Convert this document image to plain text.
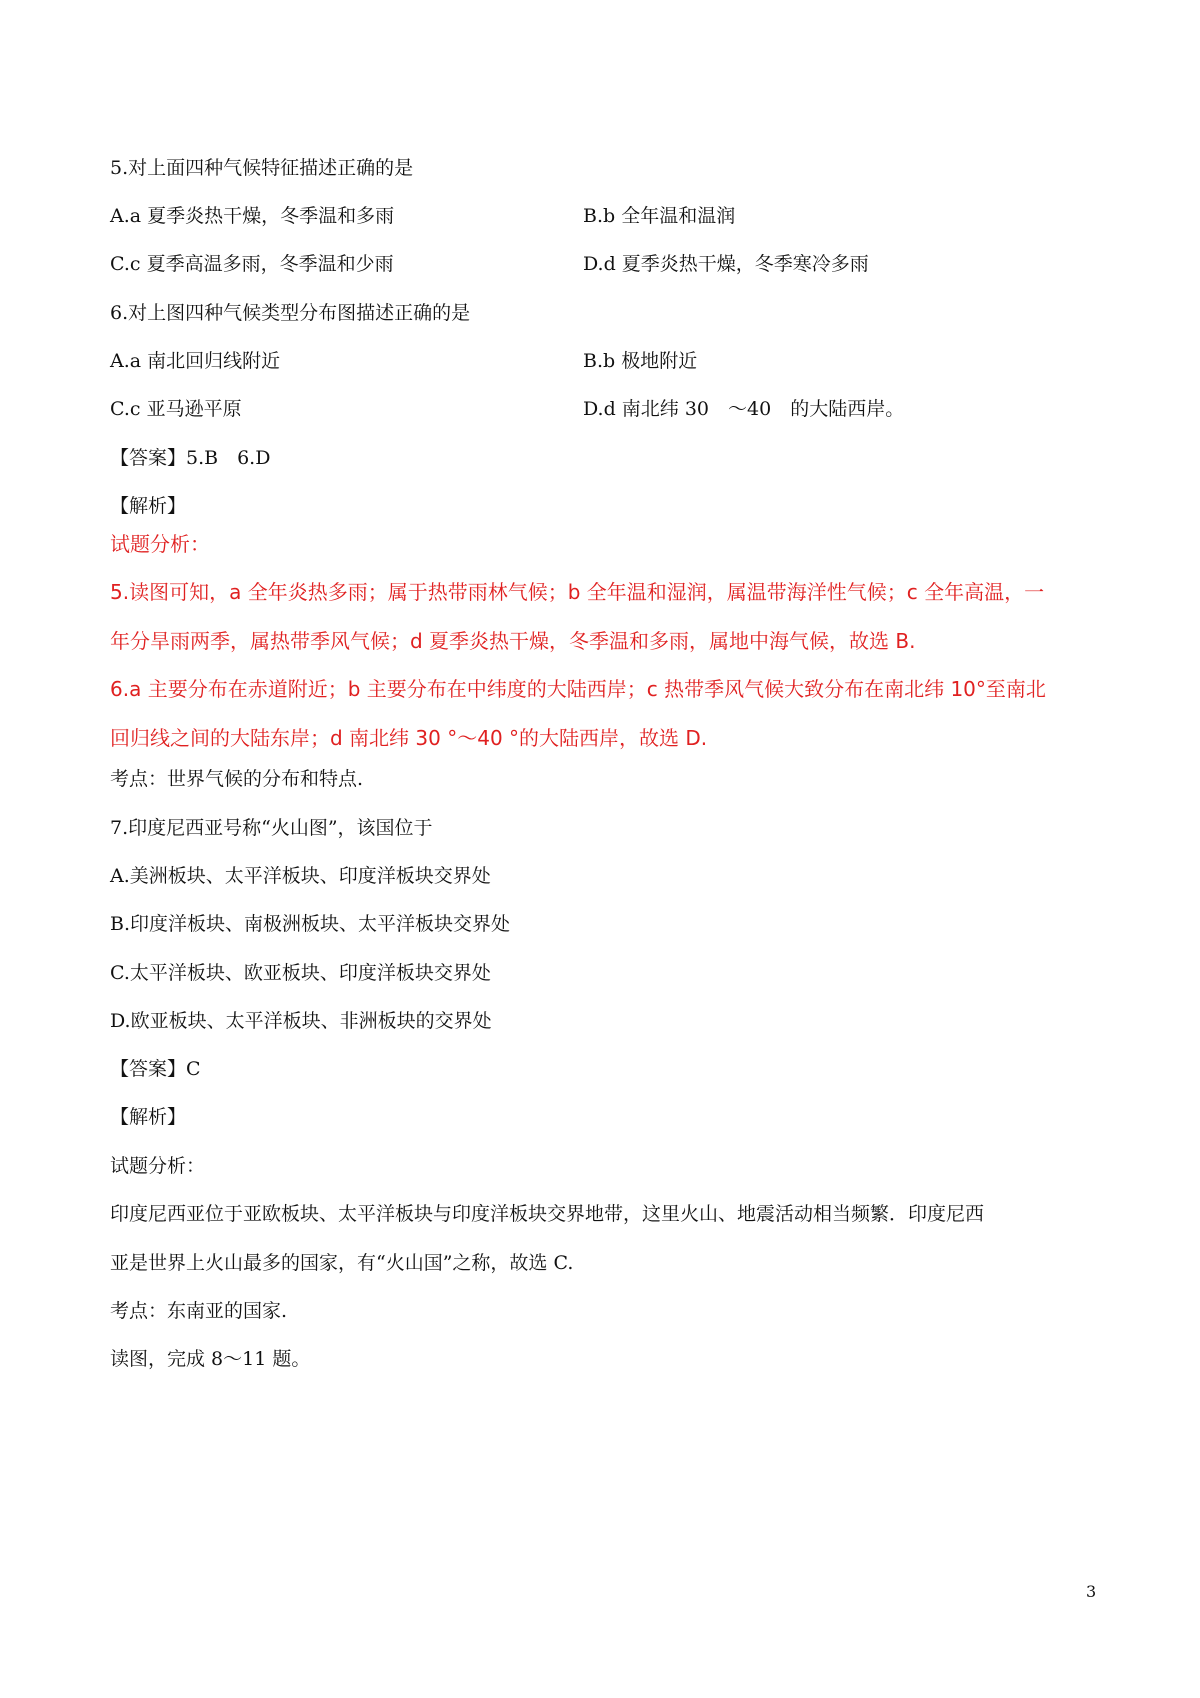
5.对上面四种气候特征描述正确的是

A.a 夏季炎热干燥，冬季温和多雨	B.b 全年温和温润

C.c 夏季高温多雨，冬季温和少雨	D.d 夏季炎热干燥，冬季寒冷多雨

6.对上图四种气候类型分布图描述正确的是

A.a 南北回归线附近	B.b 极地附近

C.c 亚马逊平原	D.d 南北纬 30　～40　的大陆西岸。

【答案】5.B　6.D

【解析】

试题分析：

5.读图可知，a 全年炎热多雨；属于热带雨林气候；b 全年温和湿润，属温带海洋性气候；c 全年高温，一

年分旱雨两季，属热带季风气候；d 夏季炎热干燥，冬季温和多雨，属地中海气候，故选 B.

6.a 主要分布在赤道附近；b 主要分布在中纬度的大陆西岸；c 热带季风气候大致分布在南北纬 10°至南北

回归线之间的大陆东岸；d 南北纬 30 °～40 °的大陆西岸，故选 D.

考点：世界气候的分布和特点.

7.印度尼西亚号称“火山图”，该国位于

A.美洲板块、太平洋板块、印度洋板块交界处

B.印度洋板块、南极洲板块、太平洋板块交界处

C.太平洋板块、欧亚板块、印度洋板块交界处

D.欧亚板块、太平洋板块、非洲板块的交界处

【答案】C

【解析】

试题分析：

印度尼西亚位于亚欧板块、太平洋板块与印度洋板块交界地带，这里火山、地震活动相当频繁．印度尼西

亚是世界上火山最多的国家，有“火山国”之称，故选 C.

考点：东南亚的国家.

读图，完成 8～11 题。

3
